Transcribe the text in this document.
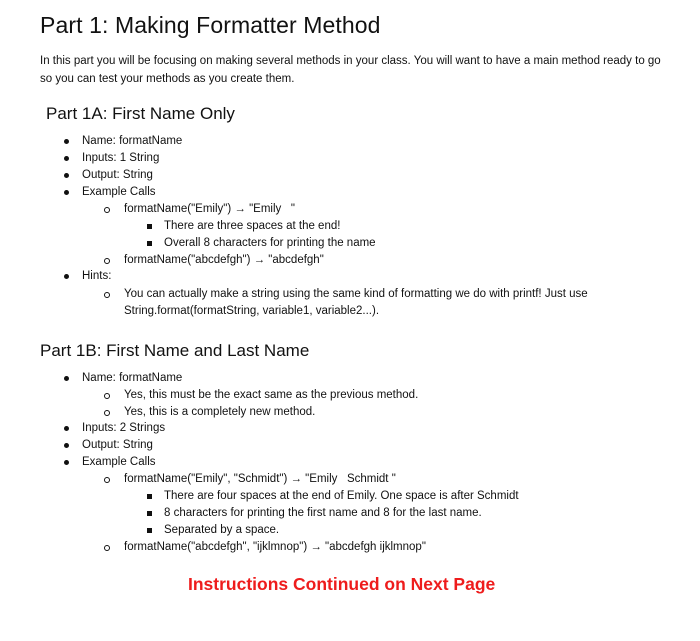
Part 1: Making Formatter Method

In this part you will be focusing on making several methods in your class. You will want to have a main method ready to go so you can test your methods as you create them.

Part 1A: First Name Only
Name: formatName
Inputs: 1 String
Output: String
Example Calls
formatName("Emily") → "Emily   "
There are three spaces at the end!
Overall 8 characters for printing the name
formatName("abcdefgh") → "abcdefgh"
Hints:
You can actually make a string using the same kind of formatting we do with printf! Just use
String.format(formatString, variable1, variable2...).
Part 1B: First Name and Last Name
Name: formatName
Yes, this must be the exact same as the previous method.
Yes, this is a completely new method.
Inputs: 2 Strings
Output: String
Example Calls
formatName("Emily", "Schmidt") → "Emily   Schmidt "
There are four spaces at the end of Emily. One space is after Schmidt
8 characters for printing the first name and 8 for the last name.
Separated by a space.
formatName("abcdefgh", "ijklmnop") → "abcdefgh ijklmnop"

Instructions Continued on Next Page
